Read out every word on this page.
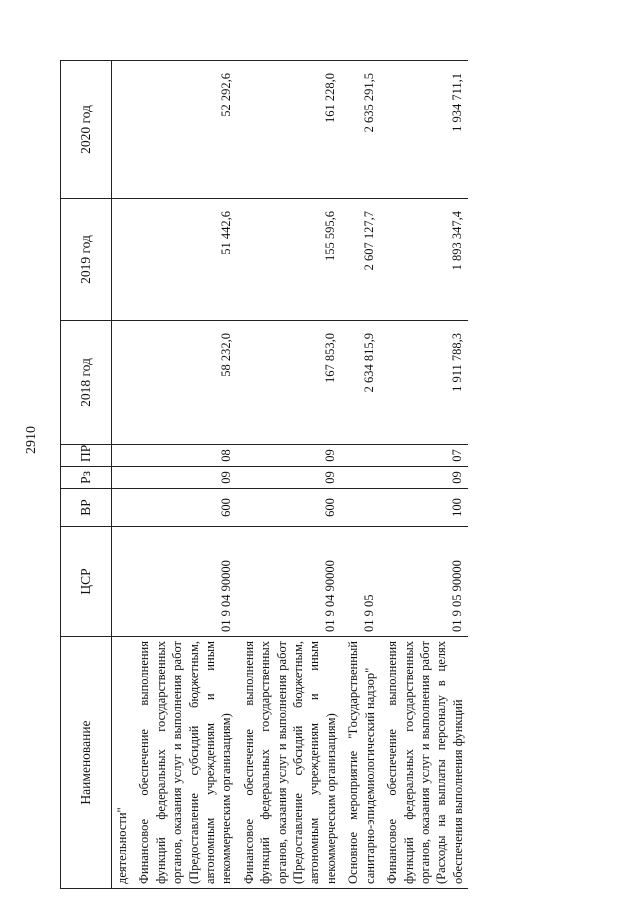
2910
Наименование	ЦСР	ВР	Рз	ПР	2018 год	2019 год	2020 год
деятельности"							
Финансовое обеспечение выполнения функций федеральных государственных органов, оказания услуг и выполнения работ (Предоставление субсидий бюджетным, автономным учреждениям и иным некоммерческим организациям)	01 9 04 90000	600	09	08	58 232,0	51 442,6	52 292,6
Финансовое обеспечение выполнения функций федеральных государственных органов, оказания услуг и выполнения работ (Предоставление субсидий бюджетным, автономным учреждениям и иным некоммерческим организациям)	01 9 04 90000	600	09	09	167 853,0	155 595,6	161 228,0
Основное мероприятие "Государственный санитарно-эпидемиологический надзор"	01 9 05				2 634 815,9	2 607 127,7	2 635 291,5
Финансовое обеспечение выполнения функций федеральных государственных органов, оказания услуг и выполнения работ (Расходы на выплаты персоналу в целях обеспечения выполнения функций	01 9 05 90000	100	09	07	1 911 788,3	1 893 347,4	1 934 711,1
